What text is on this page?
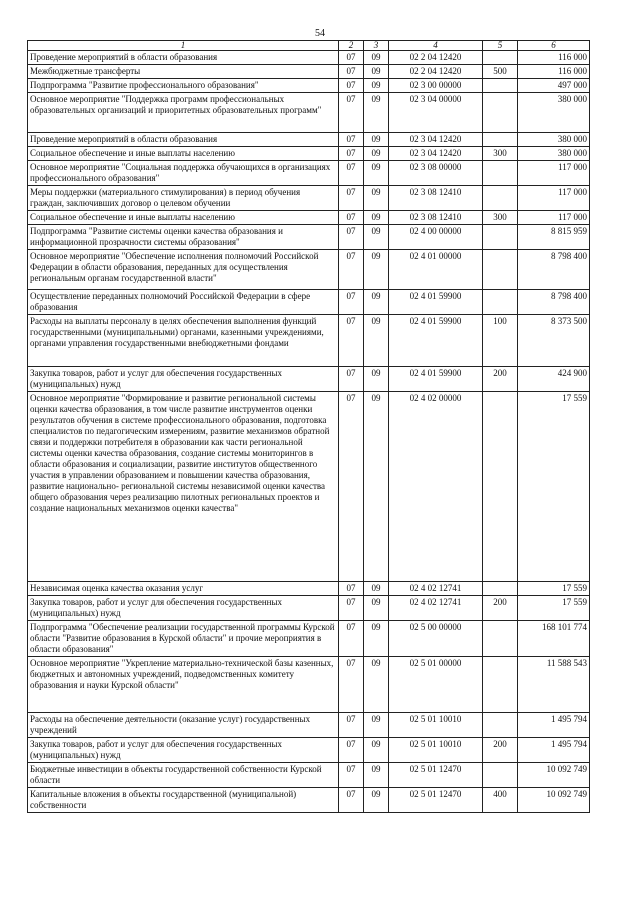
54
1	2	3	4	5	6
Проведение мероприятий в области образования	07	09	02 2 04 12420		116 000
Межбюджетные трансферты	07	09	02 2 04 12420	500	116 000
Подпрограмма "Развитие профессионального образования"	07	09	02 3 00 00000		497 000
Основное мероприятие "Поддержка программ профессиональных образовательных организаций и приоритетных образовательных программ"	07	09	02 3 04 00000		380 000
Проведение мероприятий в области образования	07	09	02 3 04 12420		380 000
Социальное обеспечение и иные выплаты населению	07	09	02 3 04 12420	300	380 000
Основное мероприятие "Социальная поддержка обучающихся в организациях профессионального образования"	07	09	02 3 08 00000		117 000
Меры поддержки (материального стимулирования) в период обучения граждан, заключивших договор о целевом обучении	07	09	02 3 08 12410		117 000
Социальное обеспечение и иные выплаты населению	07	09	02 3 08 12410	300	117 000
Подпрограмма "Развитие системы оценки качества образования и информационной прозрачности системы образования"	07	09	02 4 00 00000		8 815 959
Основное мероприятие "Обеспечение исполнения полномочий Российской Федерации в области образования, переданных для осуществления региональным органам государственной власти"	07	09	02 4 01 00000		8 798 400
Осуществление переданных полномочий Российской Федерации в сфере образования	07	09	02 4 01 59900		8 798 400
Расходы на выплаты персоналу в целях обеспечения выполнения функций государственными (муниципальными) органами, казенными учреждениями, органами управления государственными внебюджетными фондами	07	09	02 4 01 59900	100	8 373 500
Закупка товаров, работ и услуг для обеспечения государственных (муниципальных) нужд	07	09	02 4 01 59900	200	424 900
Основное мероприятие "Формирование и развитие региональной системы оценки качества образования, в том числе развитие инструментов оценки результатов обучения в системе профессионального образования, подготовка специалистов по педагогическим измерениям, развитие механизмов обратной связи и поддержки потребителя в образовании как части региональной системы оценки качества образования, создание системы мониторингов в области образования и социализации, развитие институтов общественного участия в управлении образованием и повышении качества образования, развитие национально- региональной системы независимой оценки качества общего образования через реализацию пилотных региональных проектов и создание национальных механизмов оценки качества"	07	09	02 4 02 00000		17 559
Независимая оценка качества оказания услуг	07	09	02 4 02 12741		17 559
Закупка товаров, работ и услуг для обеспечения государственных (муниципальных) нужд	07	09	02 4 02 12741	200	17 559
Подпрограмма "Обеспечение реализации государственной программы Курской области "Развитие образования в Курской области" и прочие мероприятия в области образования"	07	09	02 5 00 00000		168 101 774
Основное мероприятие "Укрепление материально-технической базы казенных, бюджетных и автономных учреждений, подведомственных комитету образования и науки Курской области"	07	09	02 5 01 00000		11 588 543
Расходы на обеспечение деятельности (оказание услуг) государственных учреждений	07	09	02 5 01 10010		1 495 794
Закупка товаров, работ и услуг для обеспечения государственных (муниципальных) нужд	07	09	02 5 01 10010	200	1 495 794
Бюджетные инвестиции в объекты государственной собственности Курской области	07	09	02 5 01 12470		10 092 749
Капитальные вложения в объекты государственной (муниципальной) собственности	07	09	02 5 01 12470	400	10 092 749
